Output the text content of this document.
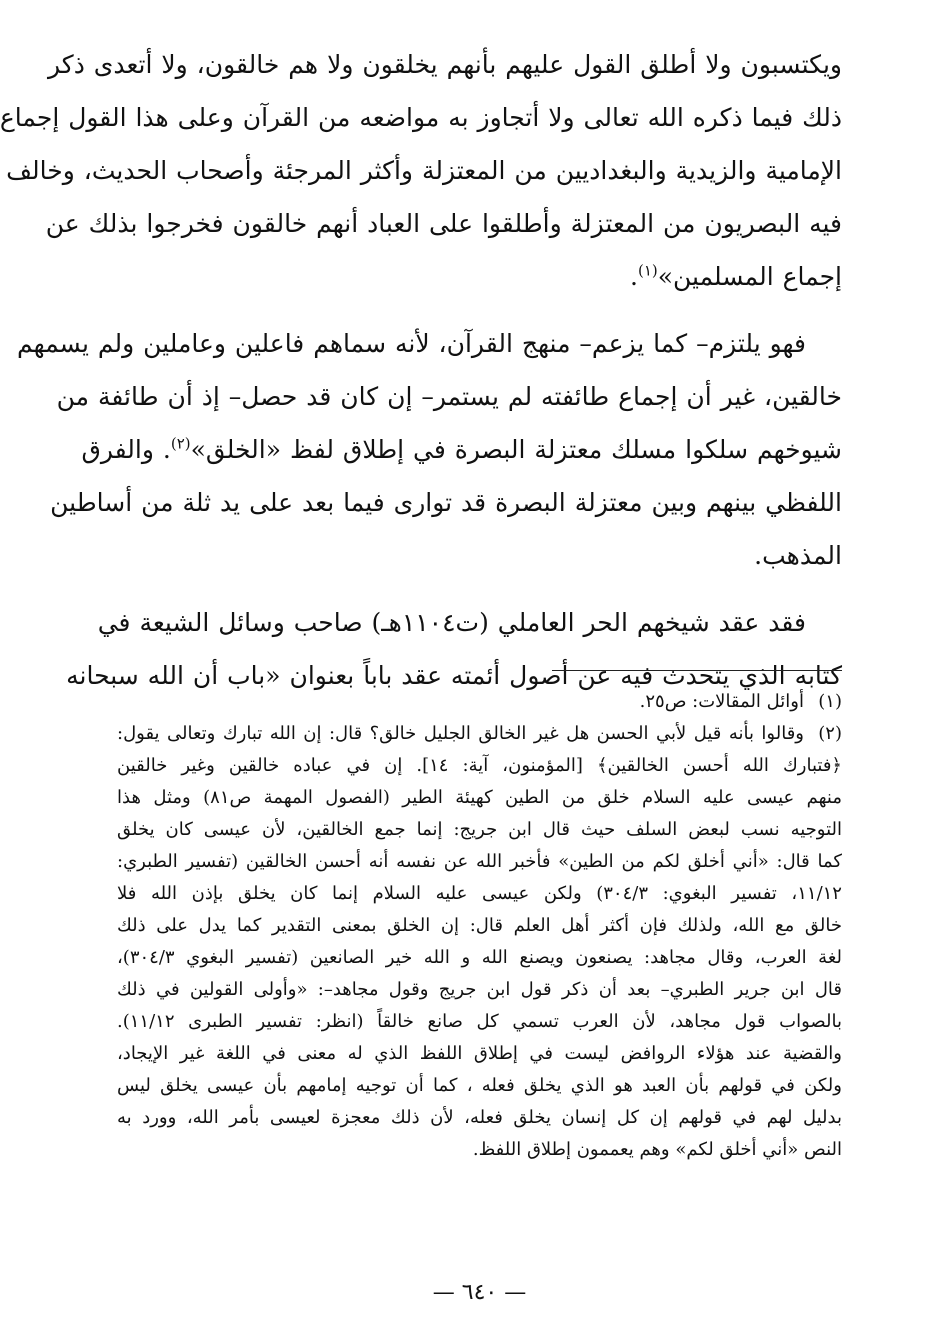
ويكتسبون ولا أطلق القول عليهم بأنهم يخلقون ولا هم خالقون، ولا أتعدى ذكر
ذلك فيما ذكره الله تعالى ولا أتجاوز به مواضعه من القرآن وعلى هذا القول إجماع
الإمامية والزيدية والبغداديين من المعتزلة وأكثر المرجئة وأصحاب الحديث، وخالف
فيه البصريون من المعتزلة وأطلقوا على العباد أنهم خالقون فخرجوا بذلك عن
إجماع المسلمين»$^{(١)}$.

فهو يلتزم– كما يزعم– منهج القرآن، لأنه سماهم فاعلين وعاملين ولم يسمهم
خالقين، غير أن إجماع طائفته لم يستمر– إن كان قد حصل– إذ أن طائفة من
شيوخهم سلكوا مسلك معتزلة البصرة في إطلاق لفظ «الخلق»$^{(٢)}$. والفرق
اللفظي بينهم وبين معتزلة البصرة قد توارى فيما بعد على يد ثلة من أساطين
المذهب.

فقد عقد شيخهم الحر العاملي (ت١١٠٤هـ) صاحب وسائل الشيعة في
كتابه الذي يتحدث فيه عن أصول أئمته عقد باباً بعنوان «باب أن الله سبحانه

(١)
أوائل المقالات: ص٢٥.
(٢)
وقالوا بأنه قيل لأبي الحسن هل غير الخالق الجليل خالق؟ قال: إن الله تبارك وتعالى يقول:
﴿فتبارك الله أحسن الخالقين﴾ [المؤمنون، آية: ١٤]. إن في عباده خالقين وغير خالقين
منهم عيسى عليه السلام خلق من الطين كهيئة الطير (الفصول المهمة ص٨١) ومثل هذا
التوجيه نسب لبعض السلف حيث قال ابن جريج: إنما جمع الخالقين، لأن عيسى كان يخلق
كما قال: «أني أخلق لكم من الطين» فأخبر الله عن نفسه أنه أحسن الخالقين (تفسير الطبري:
١١/١٢، تفسير البغوي: ٣٠٤/٣) ولكن عيسى عليه السلام إنما كان يخلق بإذن الله فلا
خالق مع الله، ولذلك فإن أكثر أهل العلم قال: إن الخلق بمعنى التقدير كما يدل على ذلك
لغة العرب، وقال مجاهد: يصنعون ويصنع الله و الله خير الصانعين (تفسير البغوي ٣٠٤/٣)،
قال ابن جرير الطبري– بعد أن ذكر قول ابن جريج وقول مجاهد–: «وأولى القولين في ذلك
بالصواب قول مجاهد، لأن العرب تسمي كل صانع خالقاً (انظر: تفسير الطبرى ١١/١٢).
والقضية عند هؤلاء الروافض ليست في إطلاق اللفظ الذي له معنى في اللغة غير الإيجاد،
ولكن في قولهم بأن العبد هو الذي يخلق فعله ، كما أن توجيه إمامهم بأن عيسى يخلق ليس
بدليل لهم في قولهم إن كل إنسان يخلق فعله، لأن ذلك معجزة لعيسى بأمر الله، وورد به
النص «أني أخلق لكم» وهم يعممون إطلاق اللفظ.
— ٦٤٠ —
